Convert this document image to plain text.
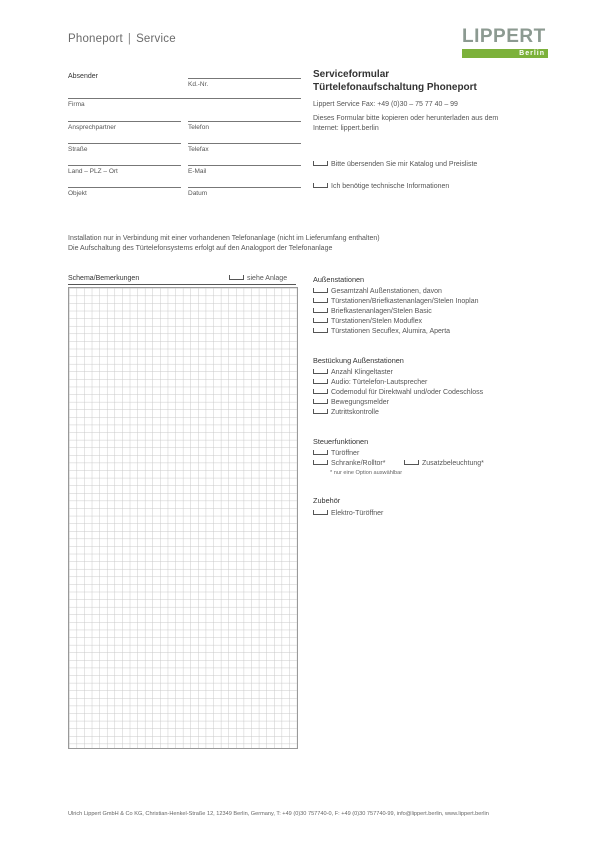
Phoneport | Service	LIPPERT
Berlin
Absender
Kd.-Nr.
Firma
Ansprechpartner	Telefon
Straße	Telefax
Land – PLZ – Ort	E-Mail
Objekt	Datum
Serviceformular
Türtelefonaufschaltung Phoneport
Lippert Service Fax: +49 (0)30 – 75 77 40 – 99
Dieses Formular bitte kopieren oder herunterladen aus dem
Internet: lippert.berlin
Bitte übersenden Sie mir Katalog und Preisliste
Ich benötige technische Informationen
Installation nur in Verbindung mit einer vorhandenen Telefonanlage (nicht im Lieferumfang enthalten)
Die Aufschaltung des Türtelefonsystems erfolgt auf den Analogport der Telefonanlage
Schema/Bemerkungen	siehe Anlage	Außenstationen
Gesamtzahl Außenstationen, davon
Türstationen/Briefkastenanlagen/Stelen Inoplan
Briefkastenanlagen/Stelen Basic
Türstationen/Stelen Moduflex
Türstationen Secuflex, Alumira, Aperta
Bestückung Außenstationen
Anzahl Klingeltaster
Audio: Türtelefon-Lautsprecher
Codemodul für Direktwahl und/oder Codeschloss
Bewegungsmelder
Zutrittskontrolle
Steuerfunktionen
Türöffner
Schranke/Rolltor*	Zusatzbeleuchtung*
* nur eine Option auswählbar
Zubehör
Elektro-Türöffner
Ulrich Lippert GmbH & Co KG, Christian-Henkel-Straße 12, 12349 Berlin, Germany, T: +49 (0)30 757740-0, F: +49 (0)30 757740-99, info@lippert.berlin, www.lippert.berlin
